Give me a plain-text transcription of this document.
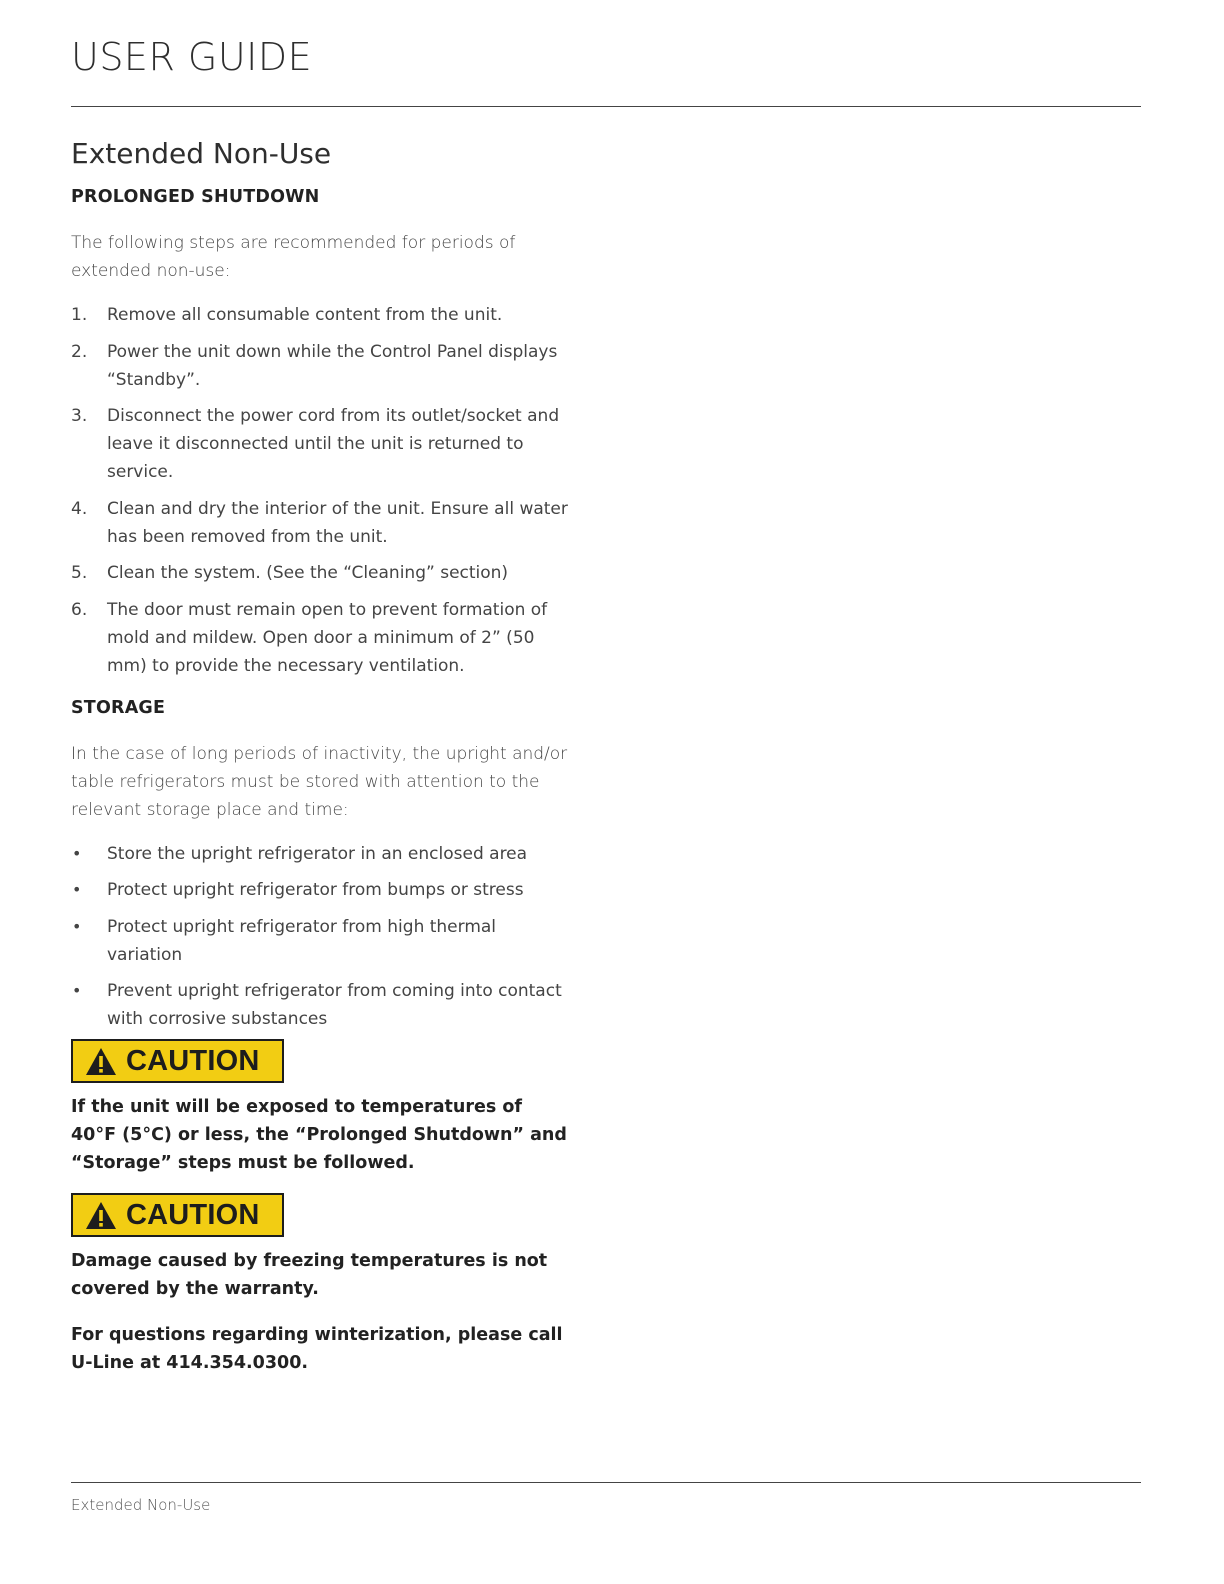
USER GUIDE
Extended Non-Use
PROLONGED SHUTDOWN

The following steps are recommended for periods of extended non-use:

1. Remove all consumable content from the unit.
2. Power the unit down while the Control Panel displays “Standby”.
3. Disconnect the power cord from its outlet/socket and leave it disconnected until the unit is returned to service.
4. Clean and dry the interior of the unit. Ensure all water has been removed from the unit.
5. Clean the system. (See the “Cleaning” section)
6. The door must remain open to prevent formation of mold and mildew. Open door a minimum of 2” (50 mm) to provide the necessary ventilation.
STORAGE

In the case of long periods of inactivity, the upright and/or table refrigerators must be stored with attention to the relevant storage place and time:

• Store the upright refrigerator in an enclosed area
• Protect upright refrigerator from bumps or stress
• Protect upright refrigerator from high thermal variation
• Prevent upright refrigerator from coming into contact with corrosive substances
CAUTION

If the unit will be exposed to temperatures of 40°F (5°C) or less, the “Prolonged Shutdown” and “Storage” steps must be followed.

CAUTION

Damage caused by freezing temperatures is not covered by the warranty.

For questions regarding winterization, please call U-Line at 414.354.0300.

Extended Non-Use
